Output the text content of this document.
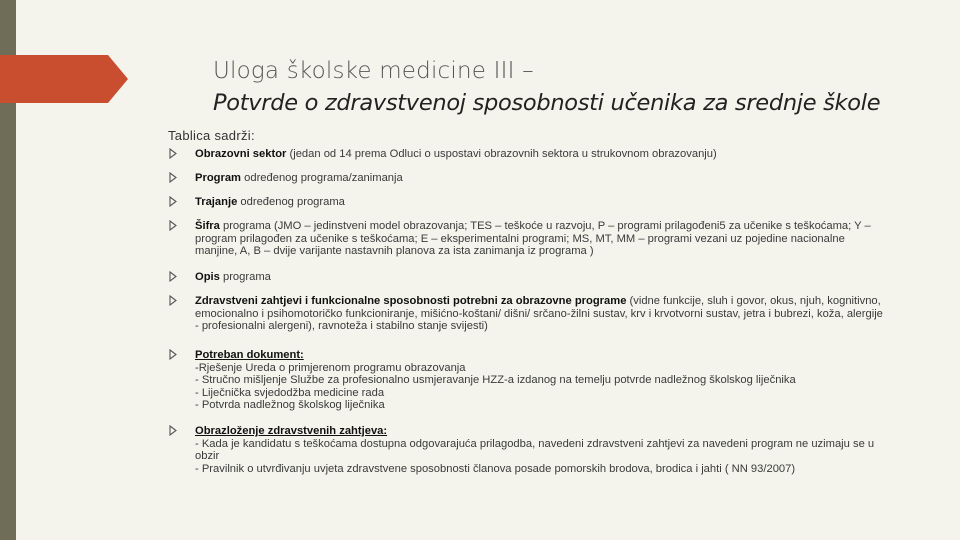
Uloga školske medicine III –
Potvrde o zdravstvenoj sposobnosti učenika za srednje škole
Tablica sadrži:
Obrazovni sektor (jedan od 14 prema Odluci o uspostavi obrazovnih sektora u strukovnom obrazovanju)
Program određenog programa/zanimanja
Trajanje određenog programa
Šifra programa (JMO – jedinstveni model obrazovanja; TES – teškoće u razvoju, P – programi prilagođeni5 za učenike s teškoćama; Y – program prilagođen za učenike s teškoćama; E – eksperimentalni programi; MS, MT, MM – programi vezani uz pojedine nacionalne manjine, A, B – dvije varijante nastavnih planova za ista zanimanja iz programa )
Opis programa
Zdravstveni zahtjevi i funkcionalne sposobnosti potrebni za obrazovne programe (vidne funkcije, sluh i govor, okus, njuh, kognitivno, emocionalno i psihomotoričko funkcioniranje, mišićno-koštani/ dišni/ srčano-žilni sustav, krv i krvotvorni sustav, jetra i bubrezi, koža, alergije - profesionalni alergeni), ravnoteža i stabilno stanje svijesti)
Potreban dokument:
-Rješenje Ureda o primjerenom programu obrazovanja
- Stručno mišljenje Službe za profesionalno usmjeravanje HZZ-a izdanog na temelju potvrde nadležnog školskog liječnika
- Liječnička svjedodžba medicine rada
- Potvrda nadležnog školskog liječnika
Obrazloženje zdravstvenih zahtjeva:
- Kada je kandidatu s teškoćama dostupna odgovarajuća prilagodba, navedeni zdravstveni zahtjevi za navedeni program ne uzimaju se u obzir
- Pravilnik o utvrđivanju uvjeta zdravstvene sposobnosti članova posade pomorskih brodova, brodica i jahti ( NN 93/2007)
